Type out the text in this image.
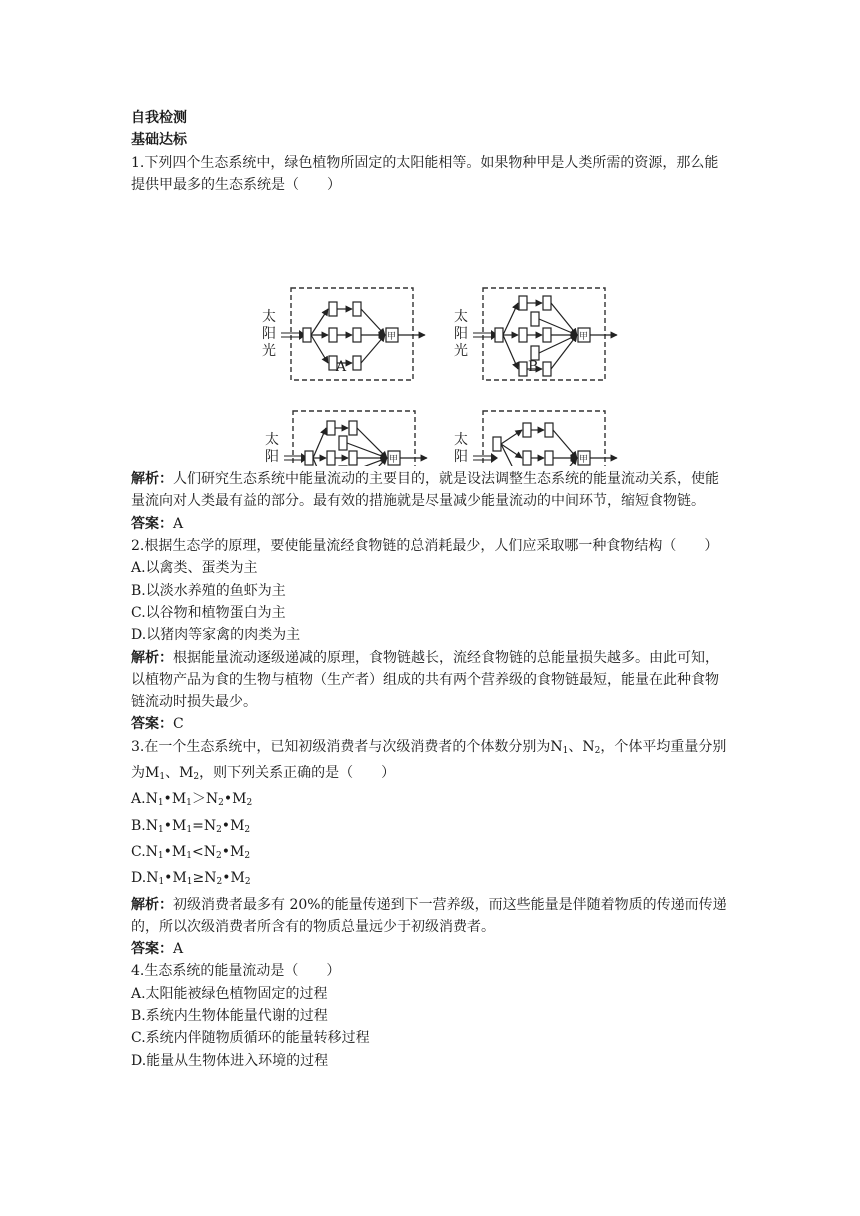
自我检测
基础达标
1.下列四个生态系统中，绿色植物所固定的太阳能相等。如果物种甲是人类所需的资源，那么能提供甲最多的生态系统是（　　）
太
阳
光
甲
A
太
阳
光
甲
B
太
阳	甲
太
阳	甲
解析：人们研究生态系统中能量流动的主要目的，就是设法调整生态系统的能量流动关系，使能量流向对人类最有益的部分。最有效的措施就是尽量减少能量流动的中间环节，缩短食物链。
答案：A
2.根据生态学的原理，要使能量流经食物链的总消耗最少，人们应采取哪一种食物结构（　　）
A.以禽类、蛋类为主
B.以淡水养殖的鱼虾为主
C.以谷物和植物蛋白为主
D.以猪肉等家禽的肉类为主
解析：根据能量流动逐级递减的原理，食物链越长，流经食物链的总能量损失越多。由此可知，以植物产品为食的生物与植物（生产者）组成的共有两个营养级的食物链最短，能量在此种食物链流动时损失最少。
答案：C
3.在一个生态系统中，已知初级消费者与次级消费者的个体数分别为$N_1$、$N_2$，个体平均重量分别为$M_1$、$M_2$，则下列关系正确的是（　　）
$A.N_1•M_1>N_2•M_2$
$B.N_1•M_1=N_2•M_2$
$C.N_1•M_1<N_2•M_2$
$D.N_1•M_1\ge N_2•M_2$
解析：初级消费者最多有 20%的能量传递到下一营养级，而这些能量是伴随着物质的传递而传递的，所以次级消费者所含有的物质总量远少于初级消费者。
答案：A
4.生态系统的能量流动是（　　）
A.太阳能被绿色植物固定的过程
B.系统内生物体能量代谢的过程
C.系统内伴随物质循环的能量转移过程
D.能量从生物体进入环境的过程
